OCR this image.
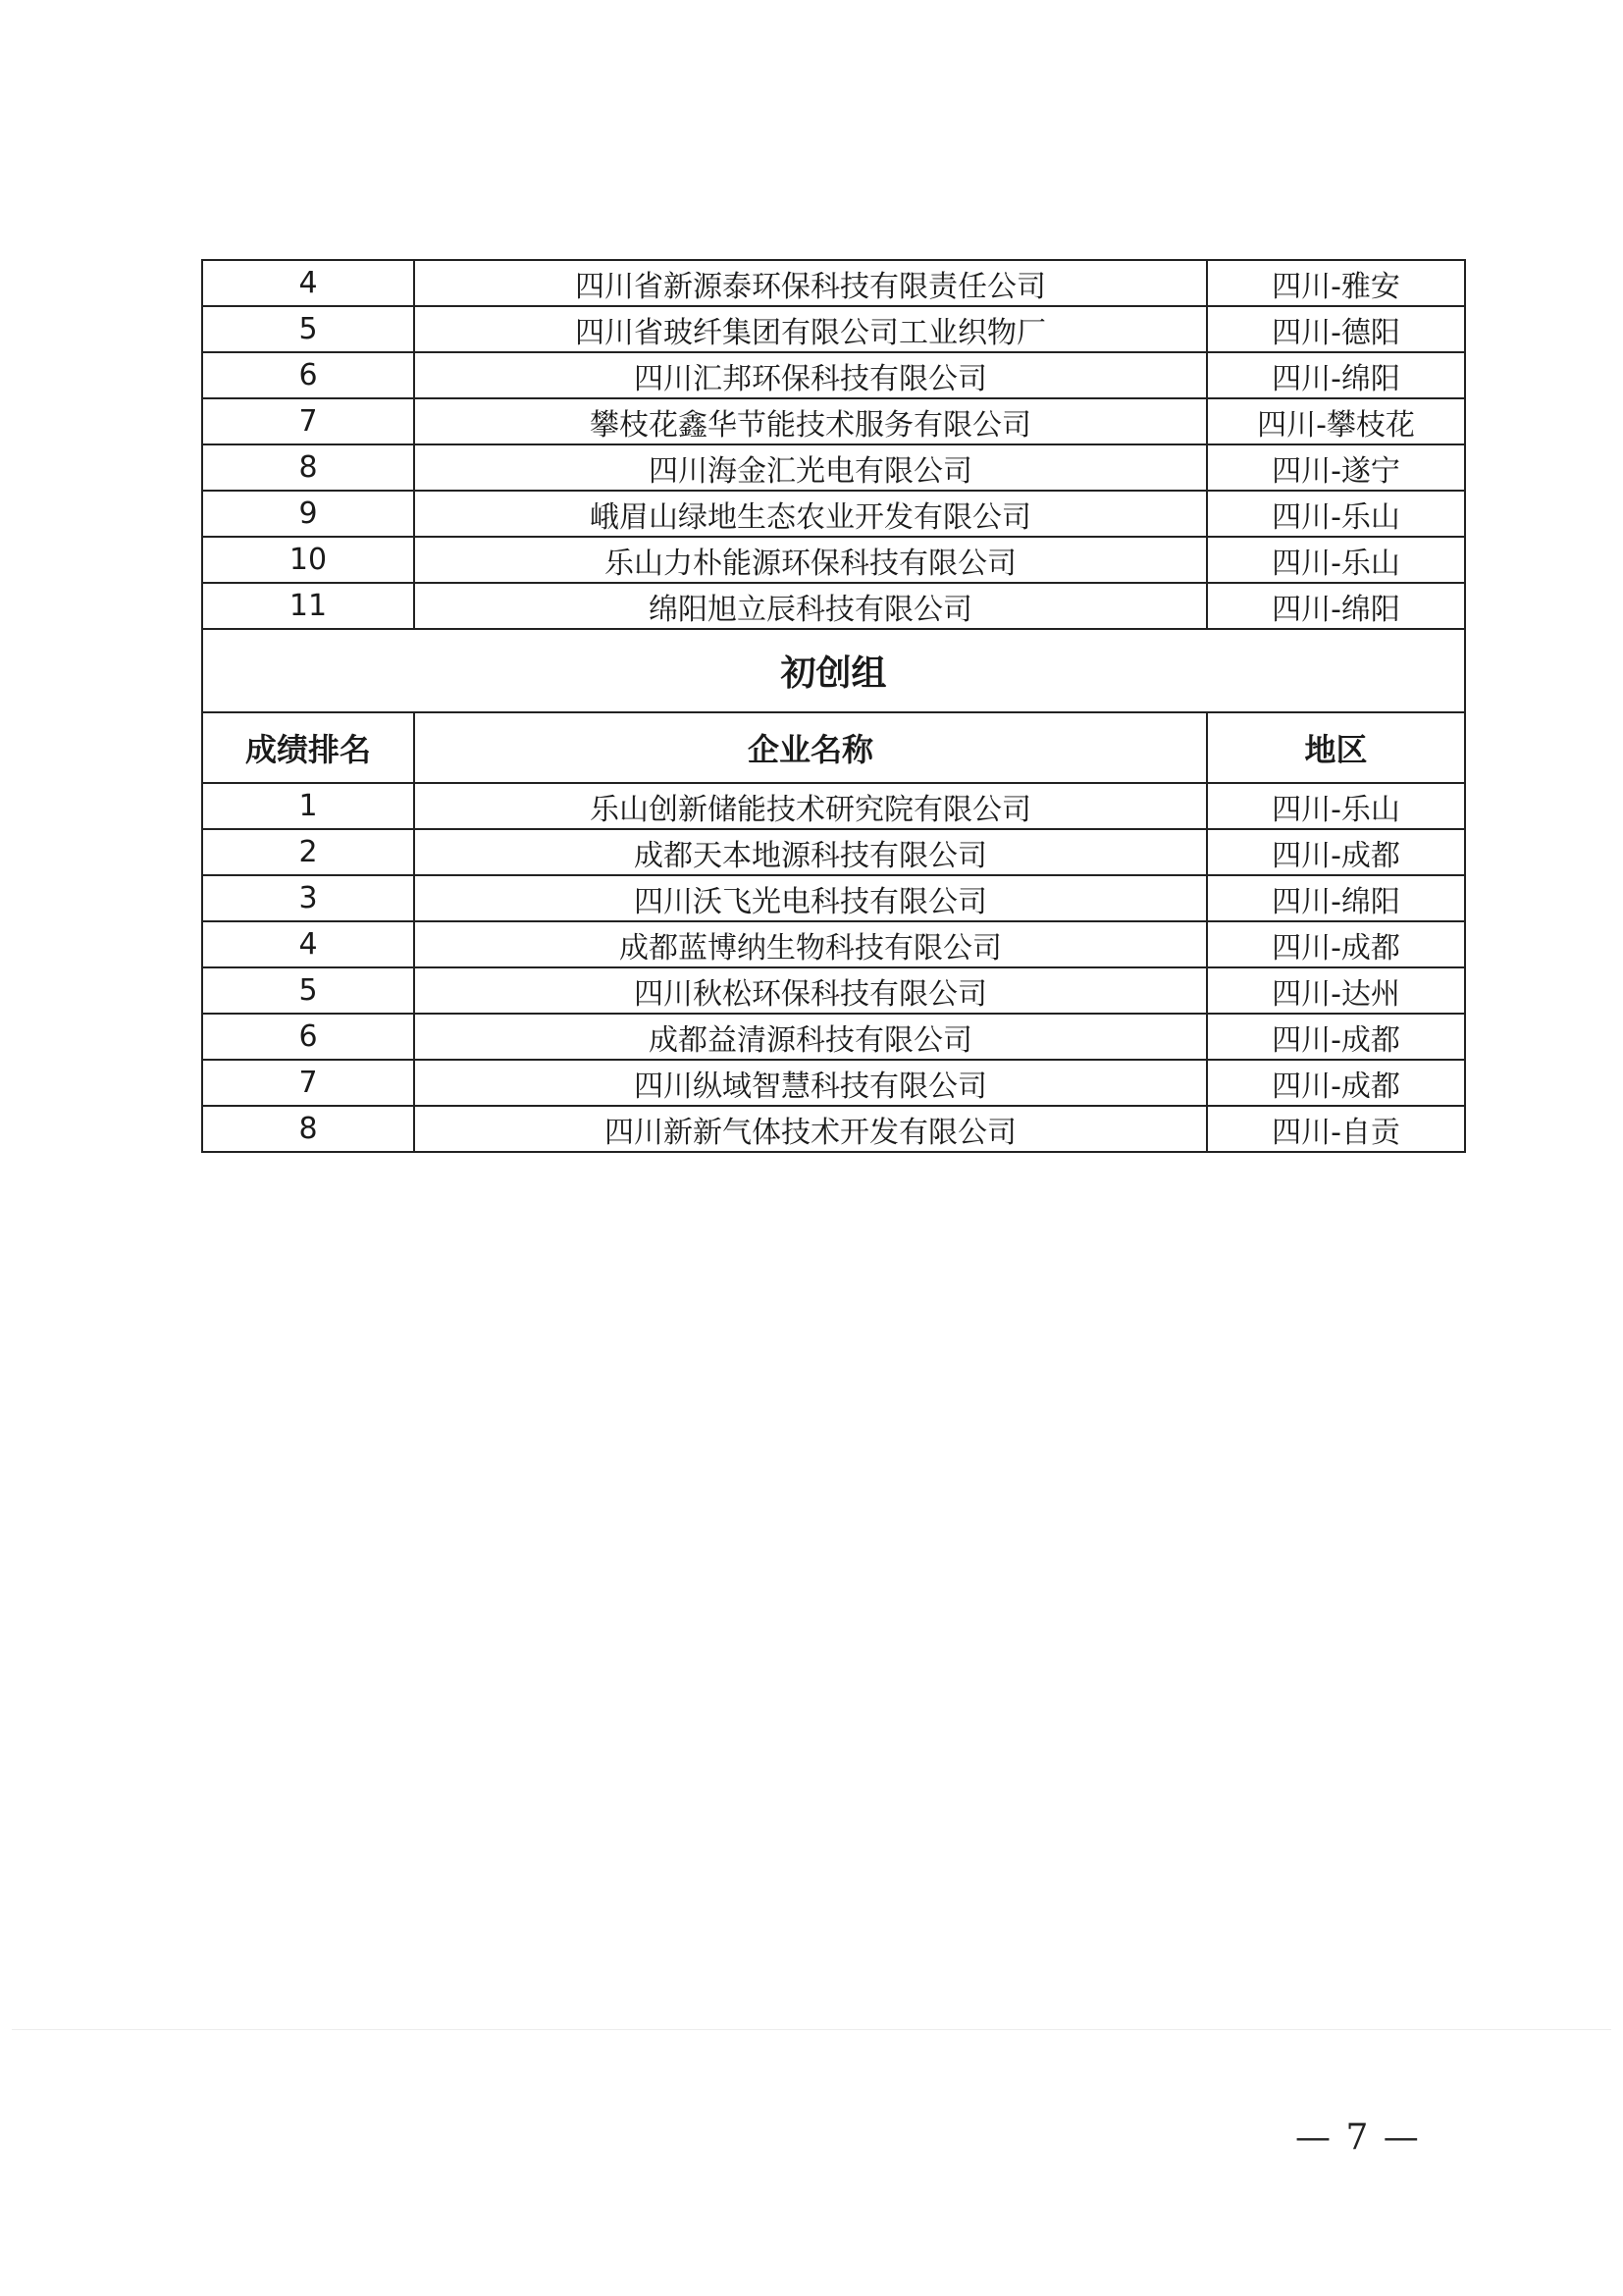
4	四川省新源泰环保科技有限责任公司	四川-雅安
5	四川省玻纤集团有限公司工业织物厂	四川-德阳
6	四川汇邦环保科技有限公司	四川-绵阳
7	攀枝花鑫华节能技术服务有限公司	四川-攀枝花
8	四川海金汇光电有限公司	四川-遂宁
9	峨眉山绿地生态农业开发有限公司	四川-乐山
10	乐山力朴能源环保科技有限公司	四川-乐山
11	绵阳旭立辰科技有限公司	四川-绵阳
初创组		
成绩排名	企业名称	地区
1	乐山创新储能技术研究院有限公司	四川-乐山
2	成都天本地源科技有限公司	四川-成都
3	四川沃飞光电科技有限公司	四川-绵阳
4	成都蓝博纳生物科技有限公司	四川-成都
5	四川秋松环保科技有限公司	四川-达州
6	成都益清源科技有限公司	四川-成都
7	四川纵域智慧科技有限公司	四川-成都
8	四川新新气体技术开发有限公司	四川-自贡
— 7 —
